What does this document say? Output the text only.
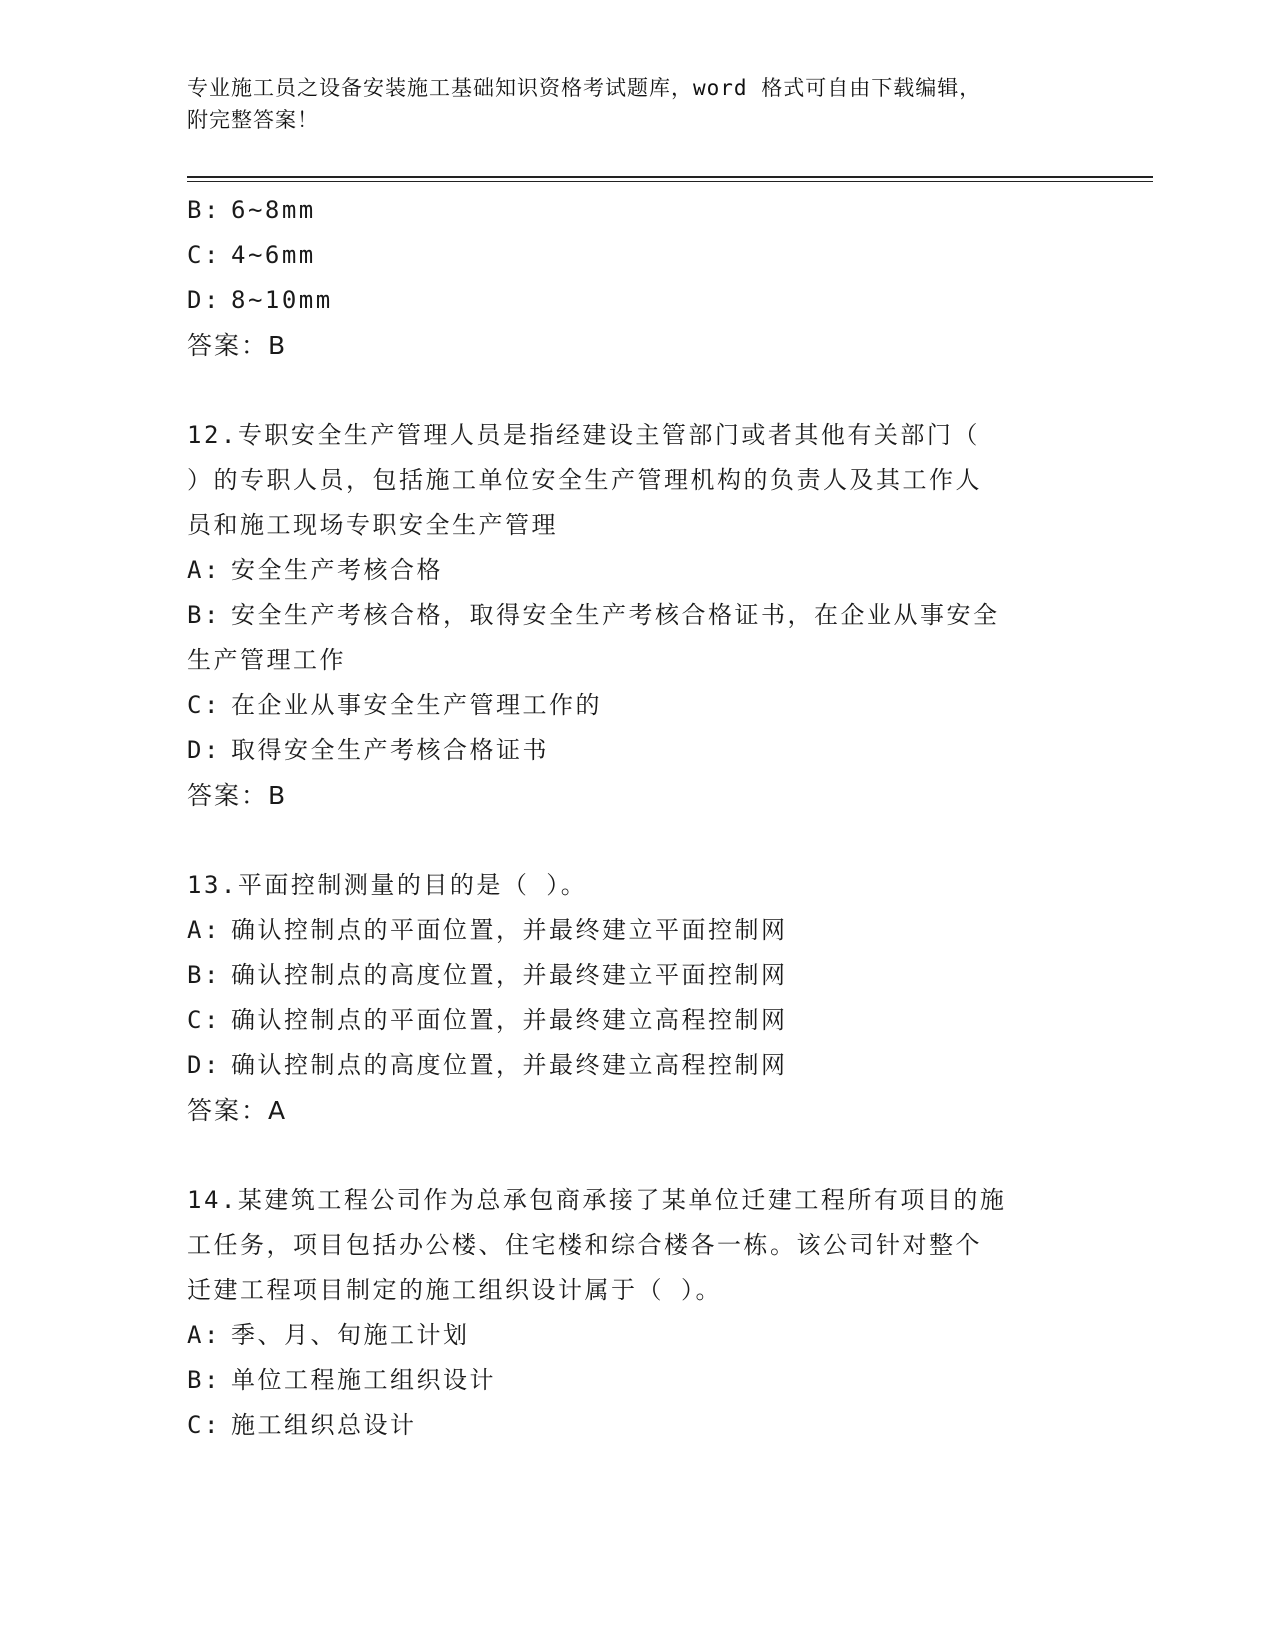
专业施工员之设备安装施工基础知识资格考试题库，word 格式可自由下载编辑，
附完整答案！
B: 6~8mm
C: 4~6mm
D: 8~10mm
答案：B
12.专职安全生产管理人员是指经建设主管部门或者其他有关部门（
）的专职人员，包括施工单位安全生产管理机构的负责人及其工作人
员和施工现场专职安全生产管理
A: 安全生产考核合格
B: 安全生产考核合格，取得安全生产考核合格证书，在企业从事安全
生产管理工作
C: 在企业从事安全生产管理工作的
D: 取得安全生产考核合格证书
答案：B
13.平面控制测量的目的是（ ）。
A: 确认控制点的平面位置，并最终建立平面控制网
B: 确认控制点的高度位置，并最终建立平面控制网
C: 确认控制点的平面位置，并最终建立高程控制网
D: 确认控制点的高度位置，并最终建立高程控制网
答案：A
14.某建筑工程公司作为总承包商承接了某单位迁建工程所有项目的施
工任务，项目包括办公楼、住宅楼和综合楼各一栋。该公司针对整个
迁建工程项目制定的施工组织设计属于（ ）。
A: 季、月、旬施工计划
B: 单位工程施工组织设计
C: 施工组织总设计
